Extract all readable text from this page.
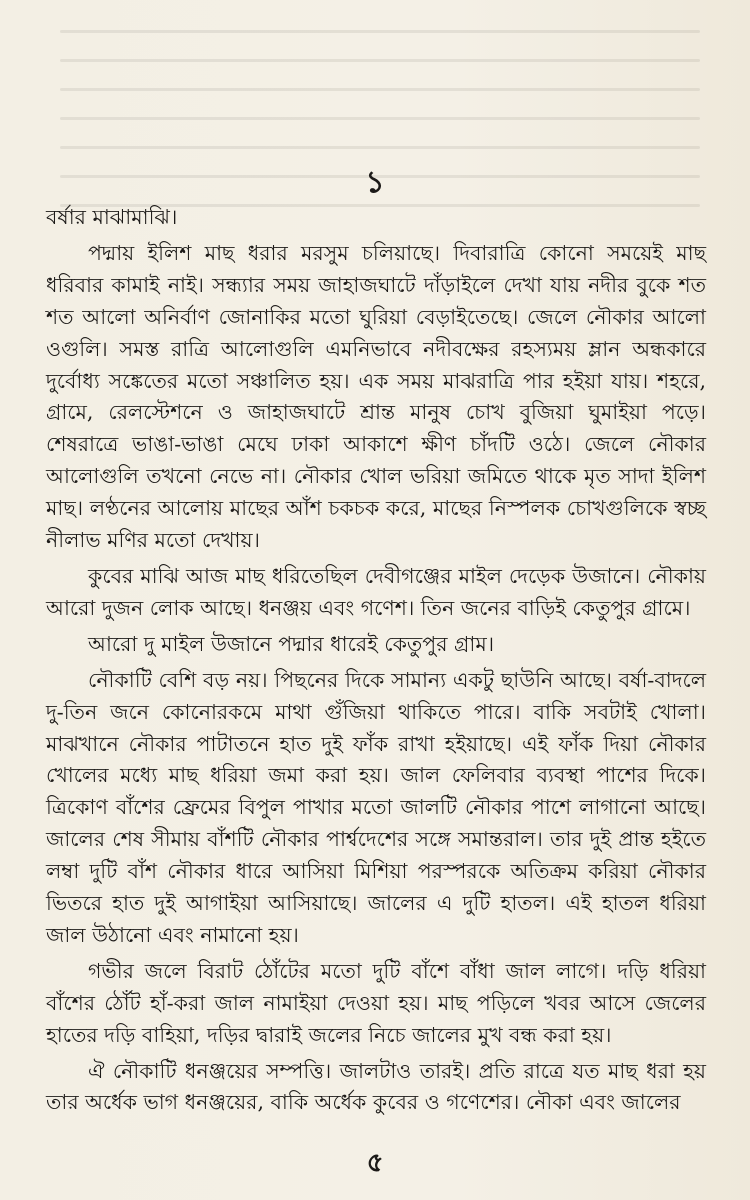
১

বর্ষার মাঝামাঝি।

পদ্মায় ইলিশ মাছ ধরার মরসুম চলিয়াছে। দিবারাত্রি কোনো সময়েই মাছ ধরিবার কামাই নাই। সন্ধ্যার সময় জাহাজঘাটে দাঁড়াইলে দেখা যায় নদীর বুকে শত শত আলো অনির্বাণ জোনাকির মতো ঘুরিয়া বেড়াইতেছে। জেলে নৌকার আলো ওগুলি। সমস্ত রাত্রি আলোগুলি এমনিভাবে নদীবক্ষের রহস্যময় ম্লান অন্ধকারে দুর্বোধ্য সঙ্কেতের মতো সঞ্চালিত হয়। এক সময় মাঝরাত্রি পার হইয়া যায়। শহরে, গ্রামে, রেলস্টেশনে ও জাহাজঘাটে শ্রান্ত মানুষ চোখ বুজিয়া ঘুমাইয়া পড়ে। শেষরাত্রে ভাঙা-ভাঙা মেঘে ঢাকা আকাশে ক্ষীণ চাঁদটি ওঠে। জেলে নৌকার আলোগুলি তখনো নেভে না। নৌকার খোল ভরিয়া জমিতে থাকে মৃত সাদা ইলিশ মাছ। লণ্ঠনের আলোয় মাছের আঁশ চকচক করে, মাছের নিস্পলক চোখগুলিকে স্বচ্ছ নীলাভ মণির মতো দেখায়।

কুবের মাঝি আজ মাছ ধরিতেছিল দেবীগঞ্জের মাইল দেড়েক উজানে। নৌকায় আরো দুজন লোক আছে। ধনঞ্জয় এবং গণেশ। তিন জনের বাড়িই কেতুপুর গ্রামে।

আরো দু মাইল উজানে পদ্মার ধারেই কেতুপুর গ্রাম।

নৌকাটি বেশি বড় নয়। পিছনের দিকে সামান্য একটু ছাউনি আছে। বর্ষা-বাদলে দু-তিন জনে কোনোরকমে মাথা গুঁজিয়া থাকিতে পারে। বাকি সবটাই খোলা। মাঝখানে নৌকার পাটাতনে হাত দুই ফাঁক রাখা হইয়াছে। এই ফাঁক দিয়া নৌকার খোলের মধ্যে মাছ ধরিয়া জমা করা হয়। জাল ফেলিবার ব্যবস্থা পাশের দিকে। ত্রিকোণ বাঁশের ফ্রেমের বিপুল পাখার মতো জালটি নৌকার পাশে লাগানো আছে। জালের শেষ সীমায় বাঁশটি নৌকার পার্শ্বদেশের সঙ্গে সমান্তরাল। তার দুই প্রান্ত হইতে লম্বা দুটি বাঁশ নৌকার ধারে আসিয়া মিশিয়া পরস্পরকে অতিক্রম করিয়া নৌকার ভিতরে হাত দুই আগাইয়া আসিয়াছে। জালের এ দুটি হাতল। এই হাতল ধরিয়া জাল উঠানো এবং নামানো হয়।

গভীর জলে বিরাট ঠোঁটের মতো দুটি বাঁশে বাঁধা জাল লাগে। দড়ি ধরিয়া বাঁশের ঠোঁট হাঁ-করা জাল নামাইয়া দেওয়া হয়। মাছ পড়িলে খবর আসে জেলের হাতের দড়ি বাহিয়া, দড়ির দ্বারাই জলের নিচে জালের মুখ বন্ধ করা হয়।

ঐ নৌকাটি ধনঞ্জয়ের সম্পত্তি। জালটাও তারই। প্রতি রাত্রে যত মাছ ধরা হয় তার অর্ধেক ভাগ ধনঞ্জয়ের, বাকি অর্ধেক কুবের ও গণেশের। নৌকা এবং জালের

৫
